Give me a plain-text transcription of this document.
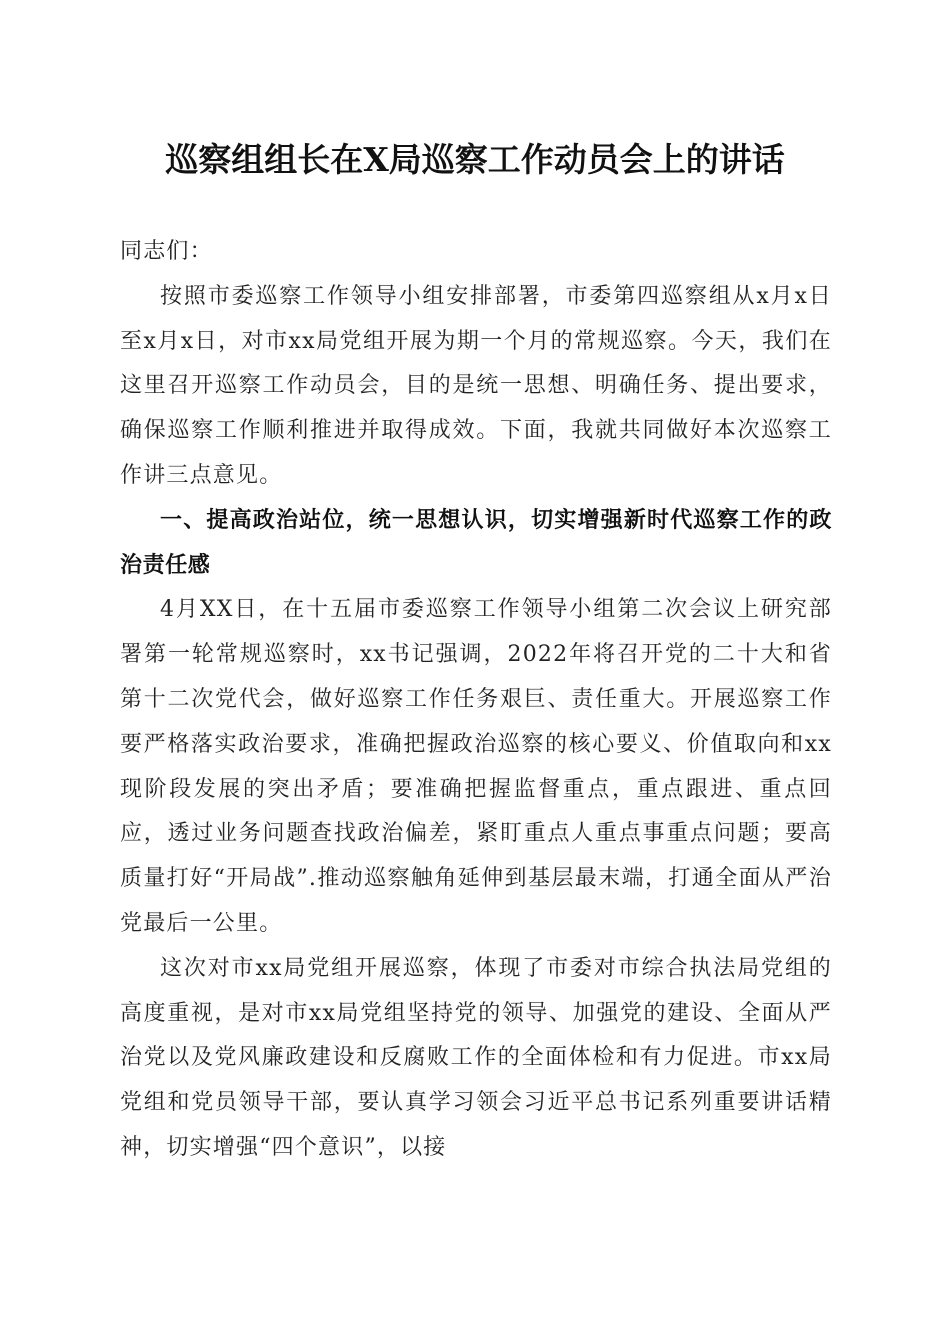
巡察组组长在X局巡察工作动员会上的讲话

同志们：

按照市委巡察工作领导小组安排部署，市委第四巡察组从x月x日至x月x日，对市xx局党组开展为期一个月的常规巡察。今天，我们在这里召开巡察工作动员会，目的是统一思想、明确任务、提出要求，确保巡察工作顺利推进并取得成效。下面，我就共同做好本次巡察工作讲三点意见。

一、提高政治站位，统一思想认识，切实增强新时代巡察工作的政治责任感

4月XX日，在十五届市委巡察工作领导小组第二次会议上研究部署第一轮常规巡察时，xx书记强调，2022年将召开党的二十大和省第十二次党代会，做好巡察工作任务艰巨、责任重大。开展巡察工作要严格落实政治要求，准确把握政治巡察的核心要义、价值取向和xx现阶段发展的突出矛盾；要准确把握监督重点，重点跟进、重点回应，透过业务问题查找政治偏差，紧盯重点人重点事重点问题；要高质量打好“开局战”.推动巡察触角延伸到基层最末端，打通全面从严治党最后一公里。

这次对市xx局党组开展巡察，体现了市委对市综合执法局党组的高度重视，是对市xx局党组坚持党的领导、加强党的建设、全面从严治党以及党风廉政建设和反腐败工作的全面体检和有力促进。市xx局党组和党员领导干部，要认真学习领会习近平总书记系列重要讲话精神，切实增强“四个意识”，以接
